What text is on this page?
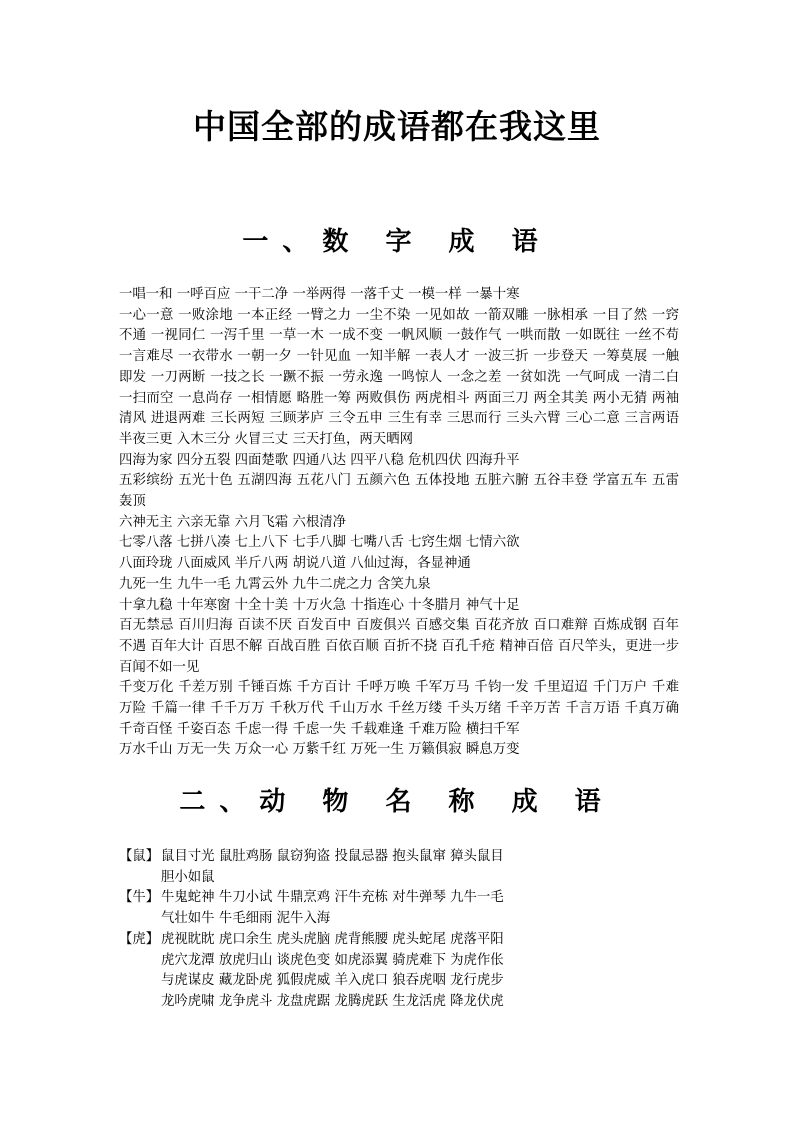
中国全部的成语都在我这里
一、数 字 成 语

一唱一和 一呼百应 一干二净 一举两得 一落千丈 一模一样 一暴十寒

一心一意 一败涂地 一本正经 一臂之力 一尘不染 一见如故 一箭双雕 一脉相承 一目了然 一窍不通 一视同仁 一泻千里 一草一木 一成不变 一帆风顺 一鼓作气 一哄而散 一如既往 一丝不苟 一言难尽 一衣带水 一朝一夕 一针见血 一知半解 一表人才 一波三折 一步登天 一筹莫展 一触即发 一刀两断 一技之长 一蹶不振 一劳永逸 一鸣惊人 一念之差 一贫如洗 一气呵成 一清二白 一扫而空 一息尚存 一相情愿 略胜一筹 两败俱伤 两虎相斗 两面三刀 两全其美 两小无猜 两袖清风 进退两难 三长两短 三顾茅庐 三令五申 三生有幸 三思而行 三头六臂 三心二意 三言两语 半夜三更 入木三分 火冒三丈 三天打鱼，两天晒网

四海为家 四分五裂 四面楚歌 四通八达 四平八稳 危机四伏 四海升平

五彩缤纷 五光十色 五湖四海 五花八门 五颜六色 五体投地 五脏六腑 五谷丰登 学富五车 五雷轰顶

六神无主 六亲无靠 六月飞霜 六根清净

七零八落 七拼八凑 七上八下 七手八脚 七嘴八舌 七窍生烟 七情六欲

八面玲珑 八面威风 半斤八两 胡说八道 八仙过海，各显神通

九死一生 九牛一毛 九霄云外 九牛二虎之力 含笑九泉

十拿九稳 十年寒窗 十全十美 十万火急 十指连心 十冬腊月 神气十足

百无禁忌 百川归海 百读不厌 百发百中 百废俱兴 百感交集 百花齐放 百口难辩 百炼成钢 百年不遇 百年大计 百思不解 百战百胜 百依百顺 百折不挠 百孔千疮 精神百倍 百尺竿头，更进一步 百闻不如一见

千变万化 千差万别 千锤百炼 千方百计 千呼万唤 千军万马 千钧一发 千里迢迢 千门万户 千难万险 千篇一律 千千万万 千秋万代 千山万水 千丝万缕 千头万绪 千辛万苦 千言万语 千真万确 千奇百怪 千姿百态 千虑一得 千虑一失 千载难逢 千难万险 横扫千军

万水千山 万无一失 万众一心 万紫千红 万死一生 万籁俱寂 瞬息万变

二、动 物 名 称 成 语
【鼠】 鼠目寸光 鼠肚鸡肠 鼠窃狗盗 投鼠忌器 抱头鼠窜 獐头鼠目
胆小如鼠
【牛】 牛鬼蛇神 牛刀小试 牛鼎烹鸡 汗牛充栋 对牛弹琴 九牛一毛
气壮如牛 牛毛细雨 泥牛入海
【虎】 虎视眈眈 虎口余生 虎头虎脑 虎背熊腰 虎头蛇尾 虎落平阳
虎穴龙潭 放虎归山 谈虎色变 如虎添翼 骑虎难下 为虎作伥
与虎谋皮 藏龙卧虎 狐假虎威 羊入虎口 狼吞虎咽 龙行虎步
龙吟虎啸 龙争虎斗 龙盘虎踞 龙腾虎跃 生龙活虎 降龙伏虎
